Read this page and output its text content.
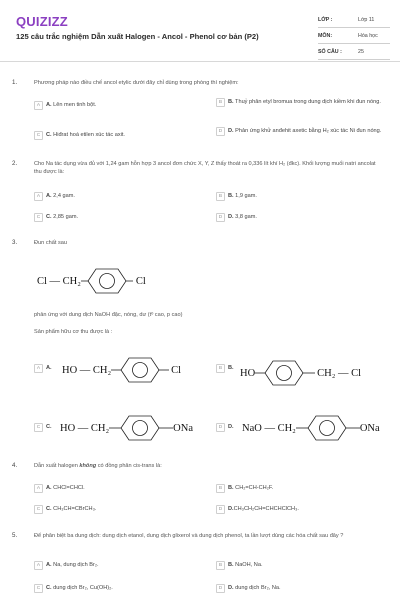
QUIZIZZ
125 câu trắc nghiệm Dẫn xuất Halogen - Ancol - Phenol cơ bản (P2)
LỚP :	Lớp 11
MÔN:	Hóa học
SỐ CÂU :	25
1.	Phương pháp nào điều chế ancol etylic dưới đây chỉ dùng trong phòng thí nghiệm:
A	A. Lên men tinh bột.	B	B. Thuỷ phân etyl bromua trong dung dịch kiềm khi đun nóng.
C	C. Hiđrat hoá etilen xúc tác axit.
D	D. Phản ứng khử anđehit axetic bằng H₂ xúc tác Ni đun nóng.
2.	Cho Na tác dụng vừa đủ với 1,24 gam hỗn hợp 3 ancol đơn chức X, Y, Z thấy thoát ra 0,336 lít khí H₂ (đkc). Khối lượng muối natri ancolat thu được là:
A	A. 2,4 gam.	B	B. 1,9 gam.
C	C. 2,85 gam.	D	D. 3,8 gam.
3.	Đun chất sau
Cl — CH₂	Cl
phản ứng với dung dịch NaOH đặc, nóng, dư (tº cao, p cao)
Sản phẩm hữu cơ thu được là :
A	A. HO — CH₂	Cl	B	B. HO	CH₂ — Cl
C	C. HO — CH₂	ONa	D	D. NaO — CH₂	ONa
4.	Dẫn xuất halogen không có đồng phân cis-trans là:
A	A. CHCl=CHCl.	B	B. CH₂=CH-CH₂F.
C	C. CH₃CH=CBrCH₃.	D	D.CH₃CH₂CH=CHCHClCH₃.
5.	Để phân biệt ba dung dịch: dung dịch etanol, dung dịch glixerol và dung dịch phenol, ta lần lượt dùng các hóa chất sau đây ?
A	A. Na, dung dịch Br₂.	B	B. NaOH, Na.
C	C. dung dịch Br₂, Cu(OH)₂.	D	D. dung dịch Br₂, Na.
